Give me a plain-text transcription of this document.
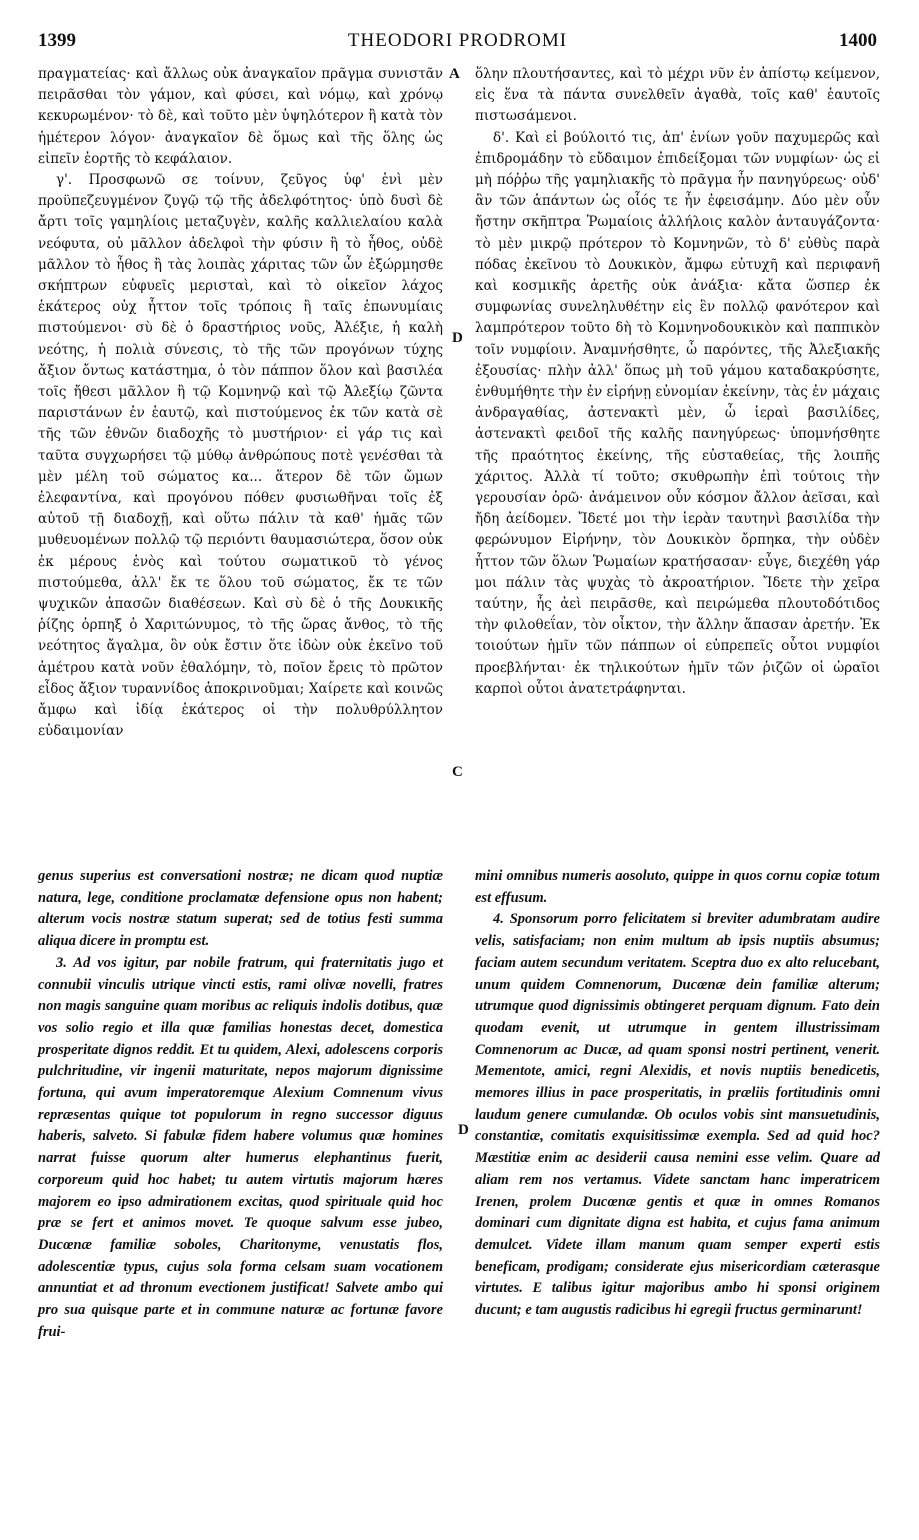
1399	THEODORI PRODROMI	1400

πραγματείας· καὶ ἄλλως οὐκ ἀναγκαῖον πρᾶγμα συνιστᾶν πειρᾶσθαι τὸν γάμον, καὶ φύσει, καὶ νόμῳ, καὶ χρόνῳ κεκυρωμένον· τὸ δὲ, καὶ τοῦτο μὲν ὑψηλότερον ἢ κατὰ τὸν ἡμέτερον λόγον· ἀναγκαῖον δὲ ὅμως καὶ τῆς ὅλης ὡς εἰπεῖν ἑορτῆς τὸ κεφάλαιον.

γ'. Προσφωνῶ σε τοίνυν, ζεῦγος ὑφ' ἑνὶ μὲν προϋπεζευγμένον ζυγῷ τῷ τῆς ἀδελφότητος· ὑπὸ δυσὶ δὲ ἄρτι τοῖς γαμηλίοις μεταζυγὲν, καλῆς καλλιελαίου καλὰ νεόφυτα, οὐ μᾶλλον ἀδελφοὶ τὴν φύσιν ἢ τὸ ἦθος, οὐδὲ μᾶλλον τὸ ἦθος ἢ τὰς λοιπὰς χάριτας τῶν ὧν ἐξώρμησθε σκήπτρων εὐφυεῖς μερισταὶ, καὶ τὸ οἰκεῖον λάχος ἑκάτερος οὐχ ἧττον τοῖς τρόποις ἢ ταῖς ἐπωνυμίαις πιστούμενοι· σὺ δὲ ὁ δραστήριος νοῦς, Ἀλέξιε, ἡ καλὴ νεότης, ἡ πολιὰ σύνεσις, τὸ τῆς τῶν προγόνων τύχης ἄξιον ὄντως κατάστημα, ὁ τὸν πάππον ὅλον καὶ βασιλέα τοῖς ἤθεσι μᾶλλον ἢ τῷ Κομνηνῷ καὶ τῷ Ἀλεξίῳ ζῶντα παριστάνων ἐν ἑαυτῷ, καὶ πιστούμενος ἐκ τῶν κατὰ σὲ τῆς τῶν ἐθνῶν διαδοχῆς τὸ μυστήριον· εἰ γάρ τις καὶ ταῦτα συγχωρήσει τῷ μύθῳ ἀνθρώπους ποτὲ γενέσθαι τὰ μὲν μέλη τοῦ σώματος κα... ἅτερον δὲ τῶν ὤμων ἐλεφαντίνα, καὶ προγόνου πόθεν φυσιωθῆναι τοῖς ἐξ αὐτοῦ τῇ διαδοχῇ, καὶ οὕτω πάλιν τὰ καθ' ἡμᾶς τῶν μυθευομένων πολλῷ τῷ περιόντι θαυμασιώτερα, ὅσον οὐκ ἐκ μέρους ἑνὸς καὶ τούτου σωματικοῦ τὸ γένος πιστούμεθα, ἀλλ' ἔκ τε ὅλου τοῦ σώματος, ἔκ τε τῶν ψυχικῶν ἁπασῶν διαθέσεων. Καὶ σὺ δὲ ὁ τῆς Δουκικῆς ῥίζης ὁρπηξ ὁ Χαριτώνυμος, τὸ τῆς ὥρας ἄνθος, τὸ τῆς νεότητος ἄγαλμα, ὃν οὐκ ἔστιν ὅτε ἰδὼν οὐκ ἐκεῖνο τοῦ ἀμέτρου κατὰ νοῦν ἐθαλόμην, τὸ, ποῖον ἔρεις τὸ πρῶτον εἶδος ἄξιον τυραννίδος ἀποκρινοῦμαι; Χαίρετε καὶ κοινῶς ἄμφω καὶ ἰδίᾳ ἑκάτερος οἱ τὴν πολυθρύλλητον εὐδαιμονίαν

ὅλην πλουτήσαντες, καὶ τὸ μέχρι νῦν ἐν ἀπίστῳ κείμενον, εἰς ἕνα τὰ πάντα συνελθεῖν ἀγαθὰ, τοῖς καθ' ἑαυτοῖς πιστωσάμενοι.

δ'. Καὶ εἰ βούλοιτό τις, ἀπ' ἐνίων γοῦν παχυμερῶς καὶ ἐπιδρομάδην τὸ εὔδαιμον ἐπιδείξομαι τῶν νυμφίων· ὡς εἰ μὴ πόῤῥω τῆς γαμηλιακῆς τὸ πρᾶγμα ἦν πανηγύρεως· οὐδ' ἂν τῶν ἁπάντων ὡς οἷός τε ἦν ἐφεισάμην. Δύο μὲν οὖν ἤστην σκῆπτρα Ῥωμαίοις ἀλλήλοις καλὸν ἀνταυγάζοντα· τὸ μὲν μικρῷ πρότερον τὸ Κομνηνῶν, τὸ δ' εὐθὺς παρὰ πόδας ἐκεῖνου τὸ Δουκικὸν, ἄμφω εὐτυχῆ καὶ περιφανῆ καὶ κοσμικῆς ἀρετῆς οὐκ ἀνάξια· κἄτα ὥσπερ ἐκ συμφωνίας συνεληλυθέτην εἰς ἓν πολλῷ φανότερον καὶ λαμπρότερον τοῦτο δὴ τὸ Κομνηνοδουκικὸν καὶ παππικὸν τοῖν νυμφίοιν. Ἀναμνήσθητε, ὦ παρόντες, τῆς Ἀλεξιακῆς ἐξουσίας· πλὴν ἀλλ' ὅπως μὴ τοῦ γάμου καταδακρύσητε, ἐνθυμήθητε τὴν ἐν εἰρήνῃ εὐνομίαν ἐκείνην, τὰς ἐν μάχαις ἀνδραγαθίας, ἀστενακτὶ μὲν, ὦ ἱεραὶ βασιλίδες, ἀστενακτὶ φειδοῖ τῆς καλῆς πανηγύρεως· ὑπομνήσθητε τῆς πραότητος ἐκείνης, τῆς εὐσταθείας, τῆς λοιπῆς χάριτος. Ἀλλὰ τί τοῦτο; σκυθρωπὴν ἐπὶ τούτοις τὴν γερουσίαν ὁρῶ· ἀνάμεινον οὖν κόσμον ἄλλον ἀεῖσαι, καὶ ἤδη ἀείδομεν. Ἴδετέ μοι τὴν ἱερὰν ταυτηνὶ βασιλίδα τὴν φερώνυμον Εἰρήνην, τὸν Δουκικὸν ὄρπηκα, τὴν οὐδὲν ἧττον τῶν ὅλων Ῥωμαίων κρατήσασαν· εὖγε, διεχέθη γάρ μοι πάλιν τὰς ψυχὰς τὸ ἀκροατήριον. Ἴδετε τὴν χεῖρα ταύτην, ἧς ἀεὶ πειρᾶσθε, καὶ πειρώμεθα πλουτοδότιδος τὴν φιλοθεΐαν, τὸν οἶκτον, τὴν ἄλλην ἅπασαν ἀρετήν. Ἐκ τοιούτων ἡμῖν τῶν πάππων οἱ εὐπρεπεῖς οὗτοι νυμφίοι προεβλήνται· ἐκ τηλικούτων ἡμῖν τῶν ῥιζῶν οἱ ὡραῖοι καρποὶ οὗτοι ἀνατετράφηνται.

A
D
C
D

genus superius est conversationi nostræ; ne dicam quod nuptiæ natura, lege, conditione proclamatæ defensione opus non habent; alterum vocis nostræ statum superat; sed de totius festi summa aliqua dicere in promptu est.

3. Ad vos igitur, par nobile fratrum, qui fraternitatis jugo et connubii vinculis utrique vincti estis, rami olivæ novelli, fratres non magis sanguine quam moribus ac reliquis indolis dotibus, quæ vos solio regio et illa quæ familias honestas decet, domestica prosperitate dignos reddit. Et tu quidem, Alexi, adolescens corporis pulchritudine, vir ingenii maturitate, nepos majorum dignissime fortuna, qui avum imperatoremque Alexium Comnenum vivus repræsentas quique tot populorum in regno successor diguus haberis, salveto. Si fabulæ fidem habere volumus quæ homines narrat fuisse quorum alter humerus elephantinus fuerit, corporeum quid hoc habet; tu autem virtutis majorum hæres majorem eo ipso admirationem excitas, quod spirituale quid hoc præ se fert et animos movet. Te quoque salvum esse jubeo, Ducœnæ familiæ soboles, Charitonyme, venustatis flos, adolescentiæ typus, cujus sola forma celsam suam vocationem annuntiat et ad thronum evectionem justificat! Salvete ambo qui pro sua quisque parte et in commune naturæ ac fortunæ favore frui-

mini omnibus numeris aosoluto, quippe in quos cornu copiæ totum est effusum.

4. Sponsorum porro felicitatem si breviter adumbratam audire velis, satisfaciam; non enim multum ab ipsis nuptiis absumus; faciam autem secundum veritatem. Sceptra duo ex alto relucebant, unum quidem Comnenorum, Ducœnæ dein familiæ alterum; utrumque quod dignissimis obtingeret perquam dignum. Fato dein quodam evenit, ut utrumque in gentem illustrissimam Comnenorum ac Ducæ, ad quam sponsi nostri pertinent, venerit. Mementote, amici, regni Alexidis, et novis nuptiis benedicetis, memores illius in pace prosperitatis, in præliis fortitudinis omni laudum genere cumulandæ. Ob oculos vobis sint mansuetudinis, constantiæ, comitatis exquisitissimæ exempla. Sed ad quid hoc? Mæstitiæ enim ac desiderii causa nemini esse velim. Quare ad aliam rem nos vertamus. Videte sanctam hanc imperatricem Irenen, prolem Ducœnæ gentis et quæ in omnes Romanos dominari cum dignitate digna est habita, et cujus fama animum demulcet. Videte illam manum quam semper experti estis beneficam, prodigam; considerate ejus misericordiam cæterasque virtutes. E talibus igitur majoribus ambo hi sponsi originem ducunt; e tam augustis radicibus hi egregii fructus germinarunt!
